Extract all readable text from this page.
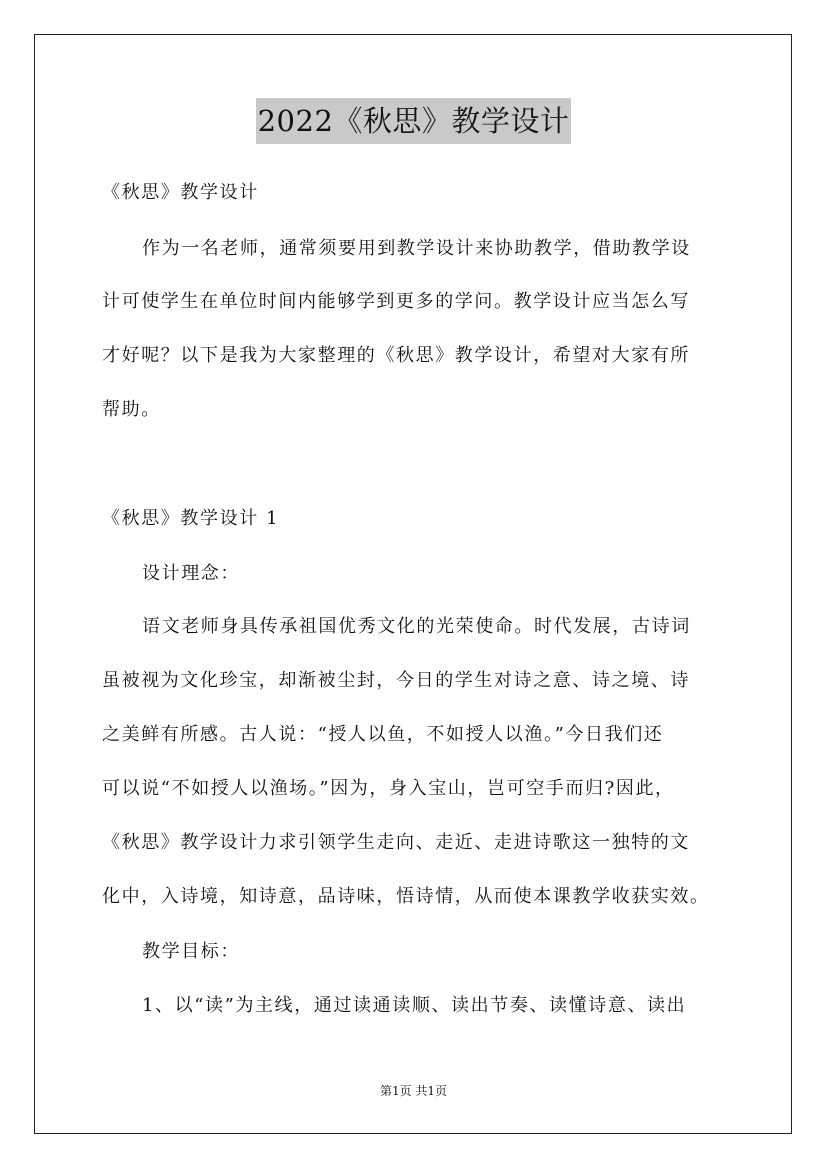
2022《秋思》教学设计
《秋思》教学设计
作为一名老师，通常须要用到教学设计来协助教学，借助教学设
计可使学生在单位时间内能够学到更多的学问。教学设计应当怎么写
才好呢？以下是我为大家整理的《秋思》教学设计，希望对大家有所
帮助。
《秋思》教学设计 1
设计理念：
语文老师身具传承祖国优秀文化的光荣使命。时代发展，古诗词
虽被视为文化珍宝，却渐被尘封，今日的学生对诗之意、诗之境、诗
之美鲜有所感。古人说：“授人以鱼，不如授人以渔。”今日我们还
可以说“不如授人以渔场。”因为，身入宝山，岂可空手而归?因此，
《秋思》教学设计力求引领学生走向、走近、走进诗歌这一独特的文
化中，入诗境，知诗意，品诗味，悟诗情，从而使本课教学收获实效。
教学目标：
1、以“读”为主线，通过读通读顺、读出节奏、读懂诗意、读出
第1页 共1页
